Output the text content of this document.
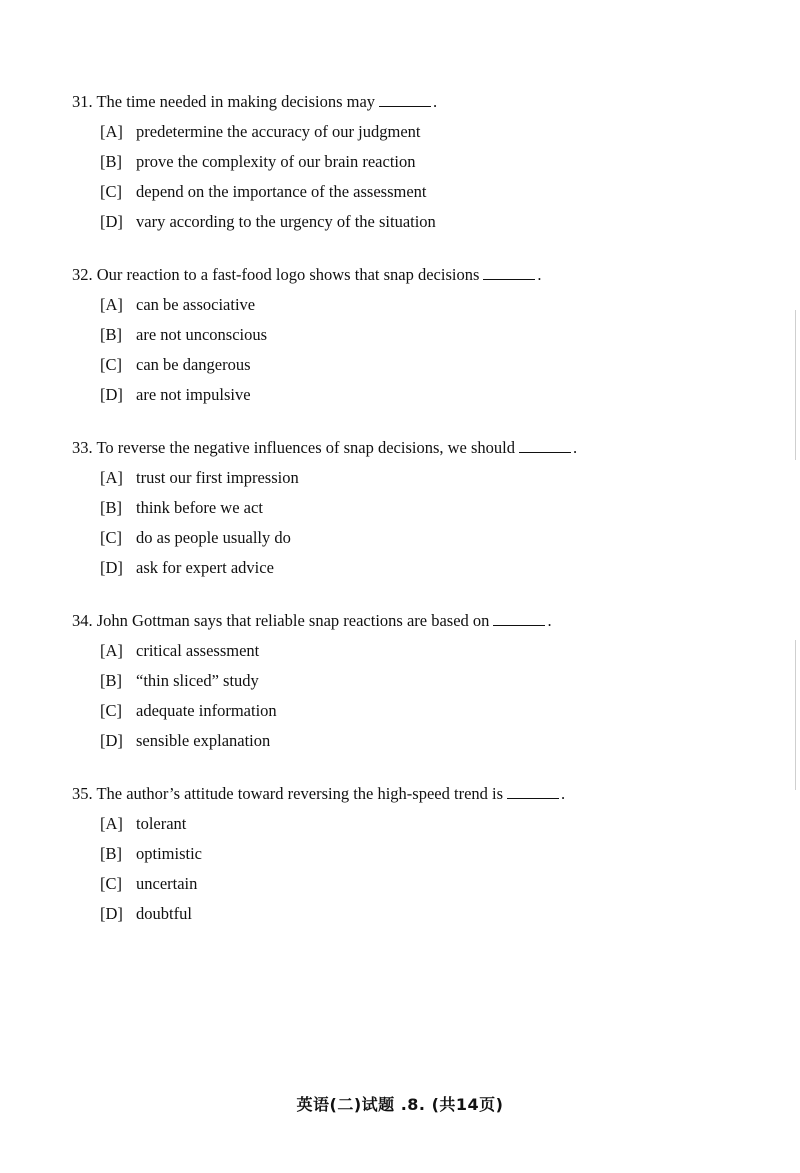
31. The time needed in making decisions may	.
[A] predetermine the accuracy of our judgment
[B] prove the complexity of our brain reaction
[C] depend on the importance of the assessment
[D] vary according to the urgency of the situation
32. Our reaction to a fast-food logo shows that snap decisions	.
[A] can be associative
[B] are not unconscious
[C] can be dangerous
[D] are not impulsive
33. To reverse the negative influences of snap decisions, we should	.
[A] trust our first impression
[B] think before we act
[C] do as people usually do
[D] ask for expert advice
34. John Gottman says that reliable snap reactions are based on	.
[A] critical assessment
[B] “thin sliced” study
[C] adequate information
[D] sensible explanation
35. The author’s attitude toward reversing the high-speed trend is	.
[A] tolerant
[B] optimistic
[C] uncertain
[D] doubtful
英语(二)试题 .8. (共14页)
